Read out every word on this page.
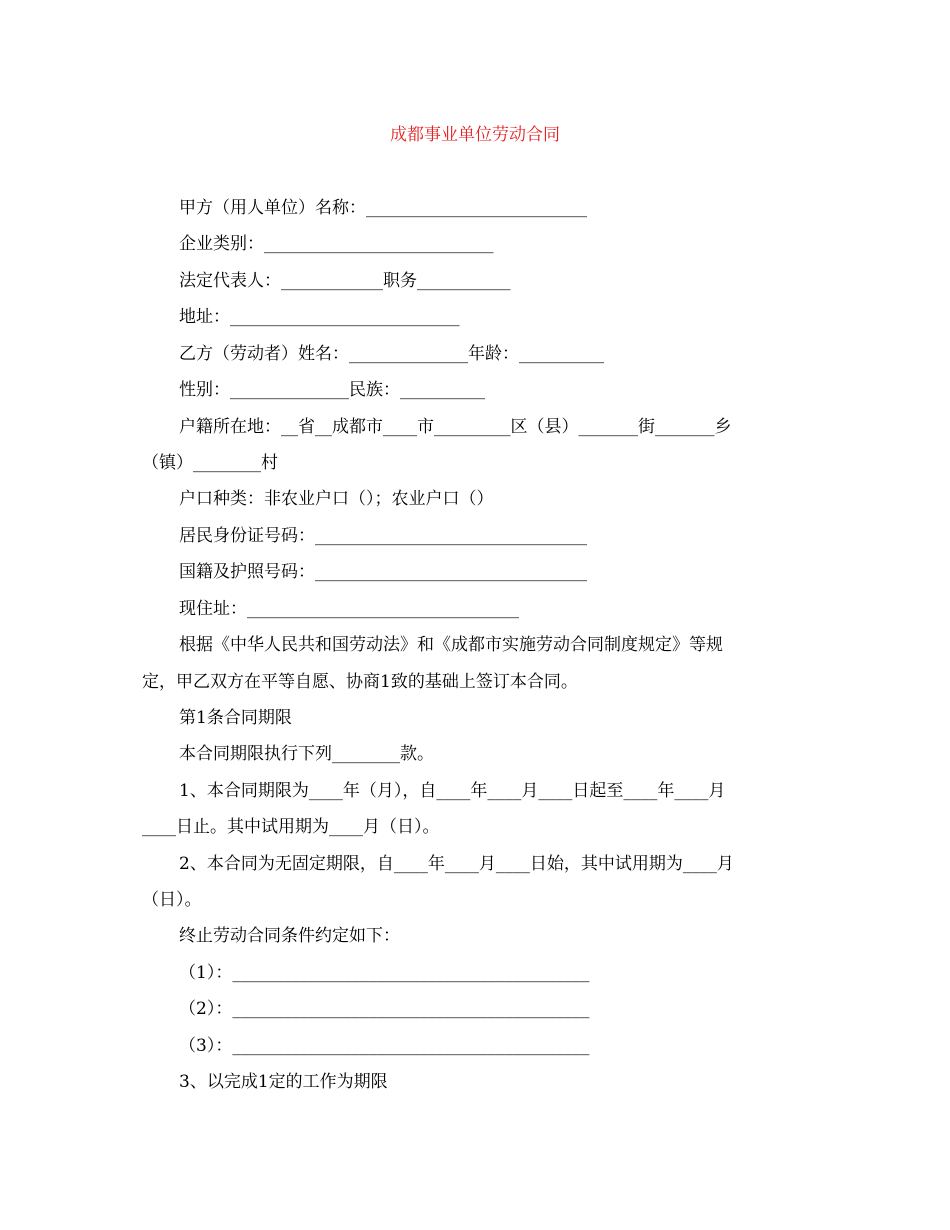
成都事业单位劳动合同
甲方（用人单位）名称：__________________________
企业类别：___________________________
法定代表人：____________职务___________
地址：___________________________
乙方（劳动者）姓名：______________年龄：__________
性别：______________民族：__________
户籍所在地：__省__成都市____市_________区（县）_______街_______乡
（镇）________村
户口种类：非农业户口（）；农业户口（）
居民身份证号码：________________________________
国籍及护照号码：________________________________
现住址：________________________________
根据《中华人民共和国劳动法》和《成都市实施劳动合同制度规定》等规
定，甲乙双方在平等自愿、协商1致的基础上签订本合同。
第1条合同期限
本合同期限执行下列________款。
1、本合同期限为____年（月），自____年____月____日起至____年____月
____日止。其中试用期为____月（日）。
2、本合同为无固定期限，自____年____月____日始，其中试用期为____月
（日）。
终止劳动合同条件约定如下：
（1）：__________________________________________
（2）：__________________________________________
（3）：__________________________________________
3、以完成1定的工作为期限
